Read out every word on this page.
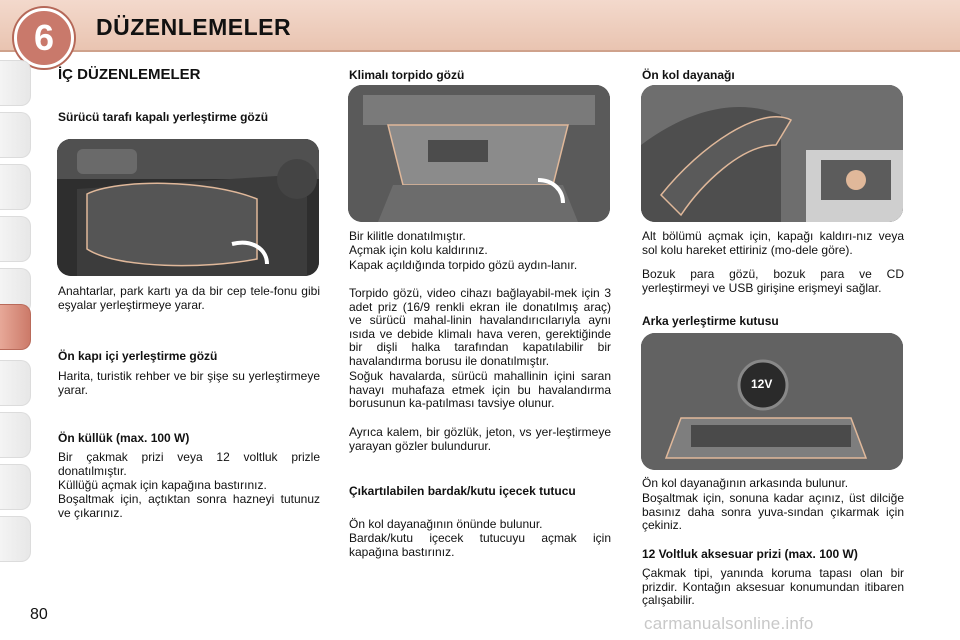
6	DÜZENLEMELER
İÇ DÜZENLEMELER
Sürücü tarafı kapalı yerleştirme gözü
Anahtarlar, park kartı ya da bir cep tele-fonu gibi eşyalar yerleştirmeye yarar.
Ön kapı içi yerleştirme gözü
Harita, turistik rehber ve bir şişe su yerleştirmeye yarar.
Ön küllük (max. 100 W)
Bir çakmak prizi veya 12 voltluk prizle donatılmıştır.
Küllüğü açmak için kapağına bastırınız.
Boşaltmak için, açtıktan sonra hazneyi tutunuz ve çıkarınız.
Klimalı torpido gözü
Bir kilitle donatılmıştır.
Açmak için kolu kaldırınız.
Kapak açıldığında torpido gözü aydın-lanır.
Torpido gözü, video cihazı bağlayabil-mek için 3 adet priz (16/9 renkli ekran ile donatılmış araç) ve sürücü mahal-linin havalandırıcılarıyla aynı ısıda ve debide klimalı hava veren, gerektiğinde bir dişli halka tarafından kapatılabilir bir havalandırma borusu ile donatılmıştır.
Soğuk havalarda, sürücü mahallinin içini saran havayı muhafaza etmek için bu havalandırma borusunun ka-patılması tavsiye olunur.
Ayrıca kalem, bir gözlük, jeton, vs yer-leştirmeye yarayan gözler bulundurur.
Çıkartılabilen bardak/kutu içecek tutucu
Ön kol dayanağının önünde bulunur.
Bardak/kutu içecek tutucuyu açmak için kapağına bastırınız.
Ön kol dayanağı
Alt bölümü açmak için, kapağı kaldırı-nız veya sol kolu hareket ettiriniz (mo-dele göre).
Bozuk para gözü, bozuk para ve CD yerleştirmeyi ve USB girişine erişmeyi sağlar.
Arka yerleştirme kutusu
12V
Ön kol dayanağının arkasında bulunur.
Boşaltmak için, sonuna kadar açınız, üst dilciğe basınız daha sonra yuva-sından çıkarmak için çekiniz.
12 Voltluk aksesuar prizi (max. 100 W)
Çakmak tipi, yanında koruma tapası olan bir prizdir. Kontağın aksesuar konumundan itibaren çalışabilir.
80	carmanualsonline.info
